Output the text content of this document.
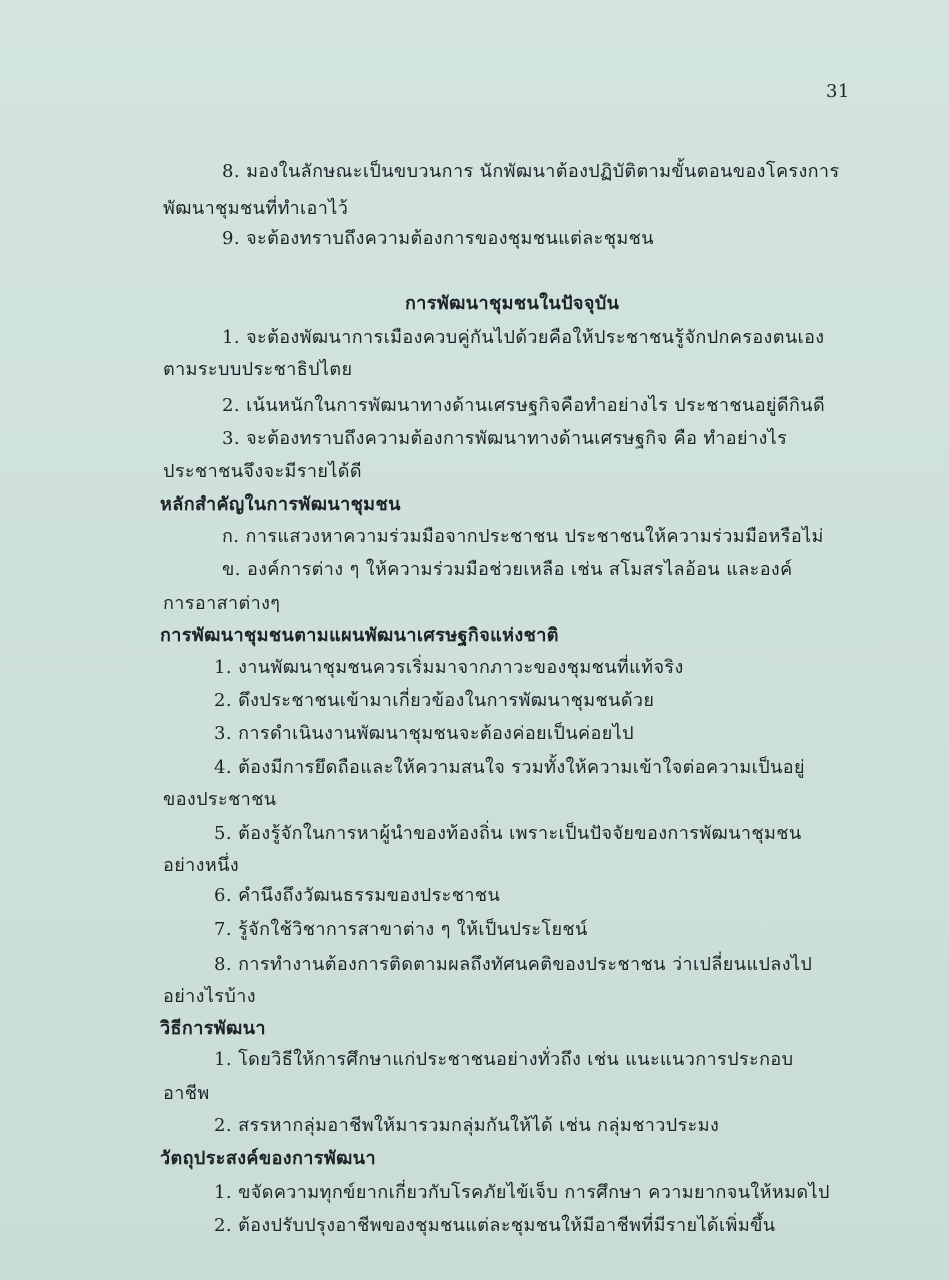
31
8. มองในลักษณะเป็นขบวนการ นักพัฒนาต้องปฏิบัติตามขั้นตอนของโครงการ
พัฒนาชุมชนที่ทำเอาไว้
9. จะต้องทราบถึงความต้องการของชุมชนแต่ละชุมชน
การพัฒนาชุมชนในปัจจุบัน
1. จะต้องพัฒนาการเมืองควบคู่กันไปด้วยคือให้ประชาชนรู้จักปกครองตนเอง
ตามระบบประชาธิปไตย
2. เน้นหนักในการพัฒนาทางด้านเศรษฐกิจคือทำอย่างไร ประชาชนอยู่ดีกินดี
3. จะต้องทราบถึงความต้องการพัฒนาทางด้านเศรษฐกิจ คือ ทำอย่างไร
ประชาชนจึงจะมีรายได้ดี
หลักสำคัญในการพัฒนาชุมชน
ก. การแสวงหาความร่วมมือจากประชาชน ประชาชนให้ความร่วมมือหรือไม่
ข. องค์การต่าง ๆ ให้ความร่วมมือช่วยเหลือ เช่น สโมสรไลอ้อน และองค์
การอาสาต่างๆ
การพัฒนาชุมชนตามแผนพัฒนาเศรษฐกิจแห่งชาติ
1. งานพัฒนาชุมชนควรเริ่มมาจากภาวะของชุมชนที่แท้จริง
2. ดึงประชาชนเข้ามาเกี่ยวข้องในการพัฒนาชุมชนด้วย
3. การดำเนินงานพัฒนาชุมชนจะต้องค่อยเป็นค่อยไป
4. ต้องมีการยึดถือและให้ความสนใจ รวมทั้งให้ความเข้าใจต่อความเป็นอยู่
ของประชาชน
5. ต้องรู้จักในการหาผู้นำของท้องถิ่น เพราะเป็นปัจจัยของการพัฒนาชุมชน
อย่างหนึ่ง
6. คำนึงถึงวัฒนธรรมของประชาชน
7. รู้จักใช้วิชาการสาขาต่าง ๆ ให้เป็นประโยชน์
8. การทำงานต้องการติดตามผลถึงทัศนคติของประชาชน ว่าเปลี่ยนแปลงไป
อย่างไรบ้าง
วิธีการพัฒนา
1. โดยวิธีให้การศึกษาแก่ประชาชนอย่างทั่วถึง เช่น แนะแนวการประกอบ
อาชีพ
2. สรรหากลุ่มอาชีพให้มารวมกลุ่มกันให้ได้ เช่น กลุ่มชาวประมง
วัตถุประสงค์ของการพัฒนา
1. ขจัดความทุกข์ยากเกี่ยวกับโรคภัยไข้เจ็บ การศึกษา ความยากจนให้หมดไป
2. ต้องปรับปรุงอาชีพของชุมชนแต่ละชุมชนให้มีอาชีพที่มีรายได้เพิ่มขึ้น
